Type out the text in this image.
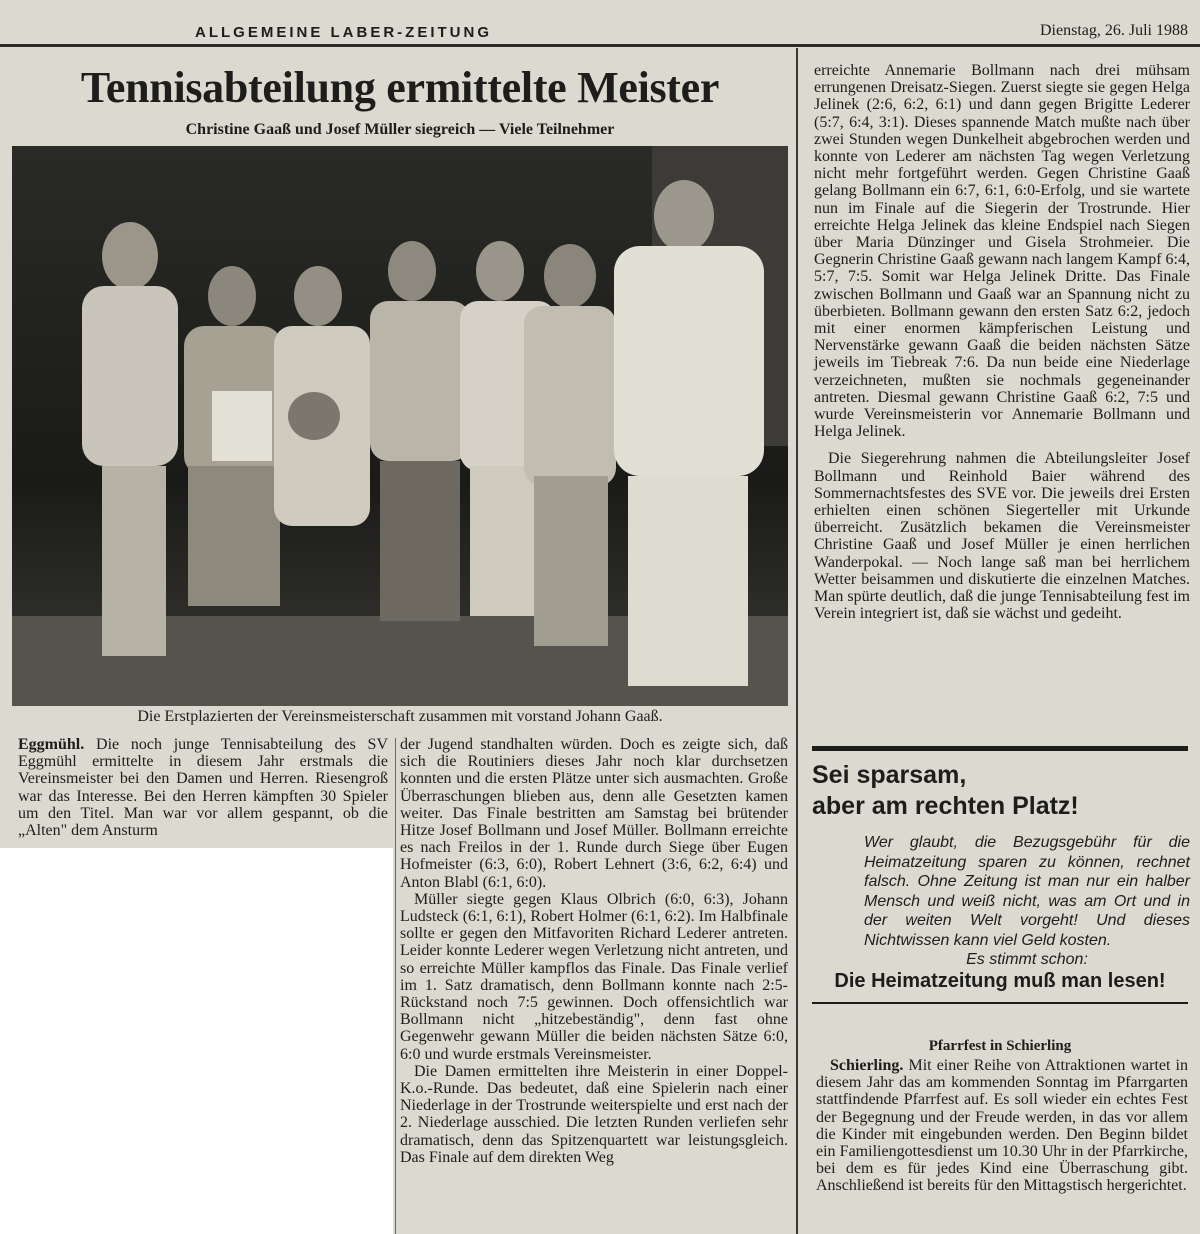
ALLGEMEINE LABER-ZEITUNG	Dienstag, 26. Juli 1988
Tennisabteilung ermittelte Meister
Christine Gaaß und Josef Müller siegreich — Viele Teilnehmer
Die Erstplazierten der Vereinsmeisterschaft zusammen mit vorstand Johann Gaaß.

Eggmühl. Die noch junge Tennisabteilung des SV Eggmühl ermittelte in diesem Jahr erstmals die Vereinsmeister bei den Damen und Herren. Riesengroß war das Interesse. Bei den Herren kämpften 30 Spieler um den Titel. Man war vor allem gespannt, ob die „Alten" dem Ansturm

der Jugend standhalten würden. Doch es zeigte sich, daß sich die Routiniers dieses Jahr noch klar durchsetzen konnten und die ersten Plätze unter sich ausmachten. Große Überraschungen blieben aus, denn alle Gesetzten kamen weiter. Das Finale bestritten am Samstag bei brütender Hitze Josef Bollmann und Josef Müller. Bollmann erreichte es nach Freilos in der 1. Runde durch Siege über Eugen Hofmeister (6:3, 6:0), Robert Lehnert (3:6, 6:2, 6:4) und Anton Blabl (6:1, 6:0).

Müller siegte gegen Klaus Olbrich (6:0, 6:3), Johann Ludsteck (6:1, 6:1), Robert Holmer (6:1, 6:2). Im Halbfinale sollte er gegen den Mitfavoriten Richard Lederer antreten. Leider konnte Lederer wegen Verletzung nicht antreten, und so erreichte Müller kampflos das Finale. Das Finale verlief im 1. Satz dramatisch, denn Bollmann konnte nach 2:5-Rückstand noch 7:5 gewinnen. Doch offensichtlich war Bollmann nicht „hitzebeständig", denn fast ohne Gegenwehr gewann Müller die beiden nächsten Sätze 6:0, 6:0 und wurde erstmals Vereinsmeister.

Die Damen ermittelten ihre Meisterin in einer Doppel-K.o.-Runde. Das bedeutet, daß eine Spielerin nach einer Niederlage in der Trostrunde weiterspielte und erst nach der 2. Niederlage ausschied. Die letzten Runden verliefen sehr dramatisch, denn das Spitzenquartett war leistungsgleich. Das Finale auf dem direkten Weg

erreichte Annemarie Bollmann nach drei mühsam errungenen Dreisatz-Siegen. Zuerst siegte sie gegen Helga Jelinek (2:6, 6:2, 6:1) und dann gegen Brigitte Lederer (5:7, 6:4, 3:1). Dieses spannende Match mußte nach über zwei Stunden wegen Dunkelheit abgebrochen werden und konnte von Lederer am nächsten Tag wegen Verletzung nicht mehr fortgeführt werden. Gegen Christine Gaaß gelang Bollmann ein 6:7, 6:1, 6:0-Erfolg, und sie wartete nun im Finale auf die Siegerin der Trostrunde. Hier erreichte Helga Jelinek das kleine Endspiel nach Siegen über Maria Dünzinger und Gisela Strohmeier. Die Gegnerin Christine Gaaß gewann nach langem Kampf 6:4, 5:7, 7:5. Somit war Helga Jelinek Dritte. Das Finale zwischen Bollmann und Gaaß war an Spannung nicht zu überbieten. Bollmann gewann den ersten Satz 6:2, jedoch mit einer enormen kämpferischen Leistung und Nervenstärke gewann Gaaß die beiden nächsten Sätze jeweils im Tiebreak 7:6. Da nun beide eine Niederlage verzeichneten, mußten sie nochmals gegeneinander antreten. Diesmal gewann Christine Gaaß 6:2, 7:5 und wurde Vereinsmeisterin vor Annemarie Bollmann und Helga Jelinek.

Die Siegerehrung nahmen die Abteilungsleiter Josef Bollmann und Reinhold Baier während des Sommernachtsfestes des SVE vor. Die jeweils drei Ersten erhielten einen schönen Siegerteller mit Urkunde überreicht. Zusätzlich bekamen die Vereinsmeister Christine Gaaß und Josef Müller je einen herrlichen Wanderpokal. — Noch lange saß man bei herrlichem Wetter beisammen und diskutierte die einzelnen Matches. Man spürte deutlich, daß die junge Tennisabteilung fest im Verein integriert ist, daß sie wächst und gedeiht.

Sei sparsam,
aber am rechten Platz!
Wer glaubt, die Bezugsgebühr für die Heimatzeitung sparen zu können, rechnet falsch. Ohne Zeitung ist man nur ein halber Mensch und weiß nicht, was am Ort und in der weiten Welt vorgeht! Und dieses Nichtwissen kann viel Geld kosten.
Es stimmt schon:
Die Heimatzeitung muß man lesen!
Pfarrfest in Schierling

Schierling. Mit einer Reihe von Attraktionen wartet in diesem Jahr das am kommenden Sonntag im Pfarrgarten stattfindende Pfarrfest auf. Es soll wieder ein echtes Fest der Begegnung und der Freude werden, in das vor allem die Kinder mit eingebunden werden. Den Beginn bildet ein Familiengottesdienst um 10.30 Uhr in der Pfarrkirche, bei dem es für jedes Kind eine Überraschung gibt. Anschließend ist bereits für den Mittagstisch hergerichtet.
